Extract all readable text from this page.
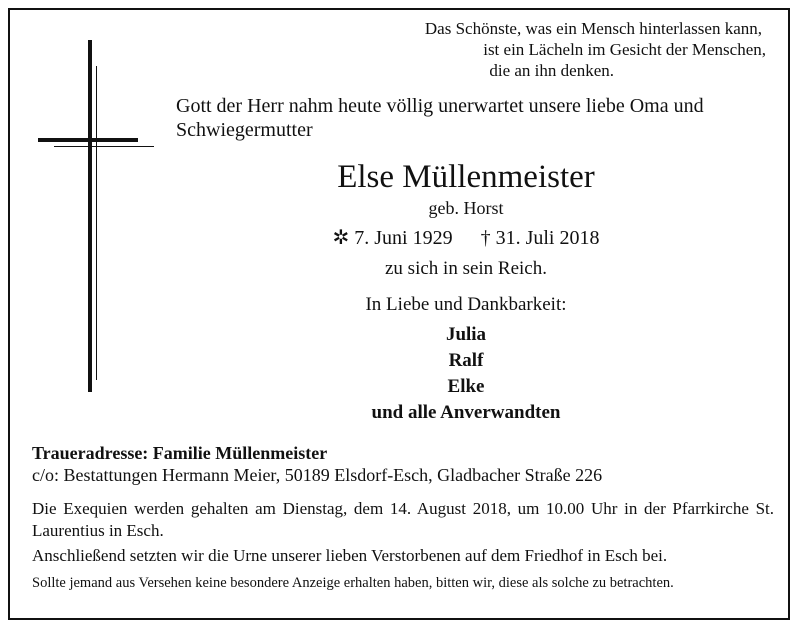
Das Schönste, was ein Mensch hinterlassen kann,
ist ein Lächeln im Gesicht der Menschen,
die an ihn denken.
Gott der Herr nahm heute völlig unerwartet unsere liebe Oma und Schwiegermutter
Else Müllenmeister
geb. Horst
✲ 7. Juni 1929 † 31. Juli 2018
zu sich in sein Reich.
In Liebe und Dankbarkeit:
Julia
Ralf
Elke
und alle Anverwandten
Traueradresse: Familie Müllenmeister
c/o: Bestattungen Hermann Meier, 50189 Elsdorf-Esch, Gladbacher Straße 226
Die Exequien werden gehalten am Dienstag, dem 14. August 2018, um 10.00 Uhr in der Pfarrkirche St. Laurentius in Esch.
Anschließend setzten wir die Urne unserer lieben Verstorbenen auf dem Friedhof in Esch bei.
Sollte jemand aus Versehen keine besondere Anzeige erhalten haben, bitten wir, diese als solche zu betrachten.
